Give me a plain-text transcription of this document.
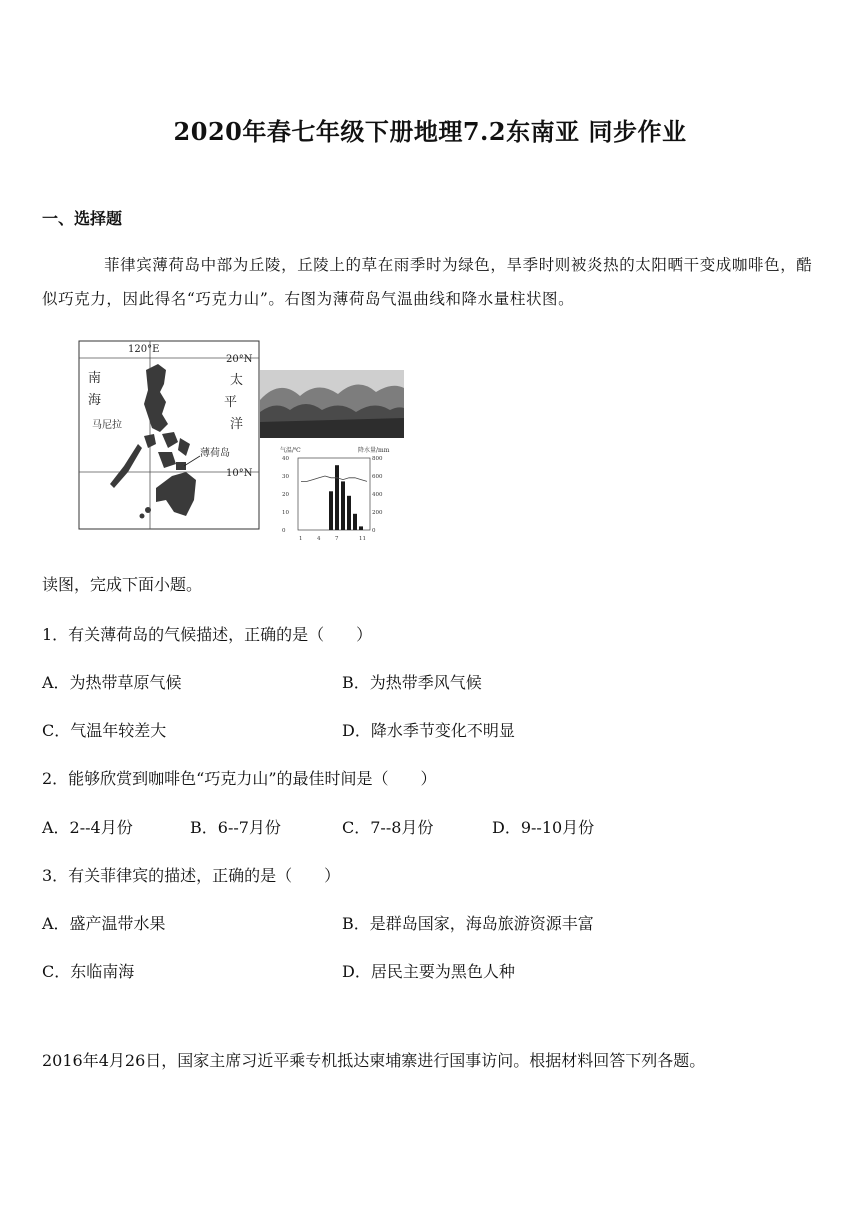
2020年春七年级下册地理7.2东南亚 同步作业
一、选择题
菲律宾薄荷岛中部为丘陵，丘陵上的草在雨季时为绿色，旱季时则被炎热的太阳晒干变成咖啡色，酷似巧克力，因此得名“巧克力山”。右图为薄荷岛气温曲线和降水量柱状图。
120°E
20°N
10°N
南
海
太
平
洋
马尼拉
薄荷岛	气温/℃	降水量/mm
40
30
20
10
0
800
600
400
200
0
1	4	7	11
读图，完成下面小题。
1．有关薄荷岛的气候描述，正确的是（　　）
A．为热带草原气候	B．为热带季风气候
C．气温年较差大	D．降水季节变化不明显
2．能够欣赏到咖啡色“巧克力山”的最佳时间是（　　）
A．2--4月份	B．6--7月份	C．7--8月份	D．9--10月份
3．有关菲律宾的描述，正确的是（　　）
A．盛产温带水果	B．是群岛国家，海岛旅游资源丰富
C．东临南海	D．居民主要为黑色人种
2016年4月26日，国家主席习近平乘专机抵达柬埔寨进行国事访问。根据材料回答下列各题。
